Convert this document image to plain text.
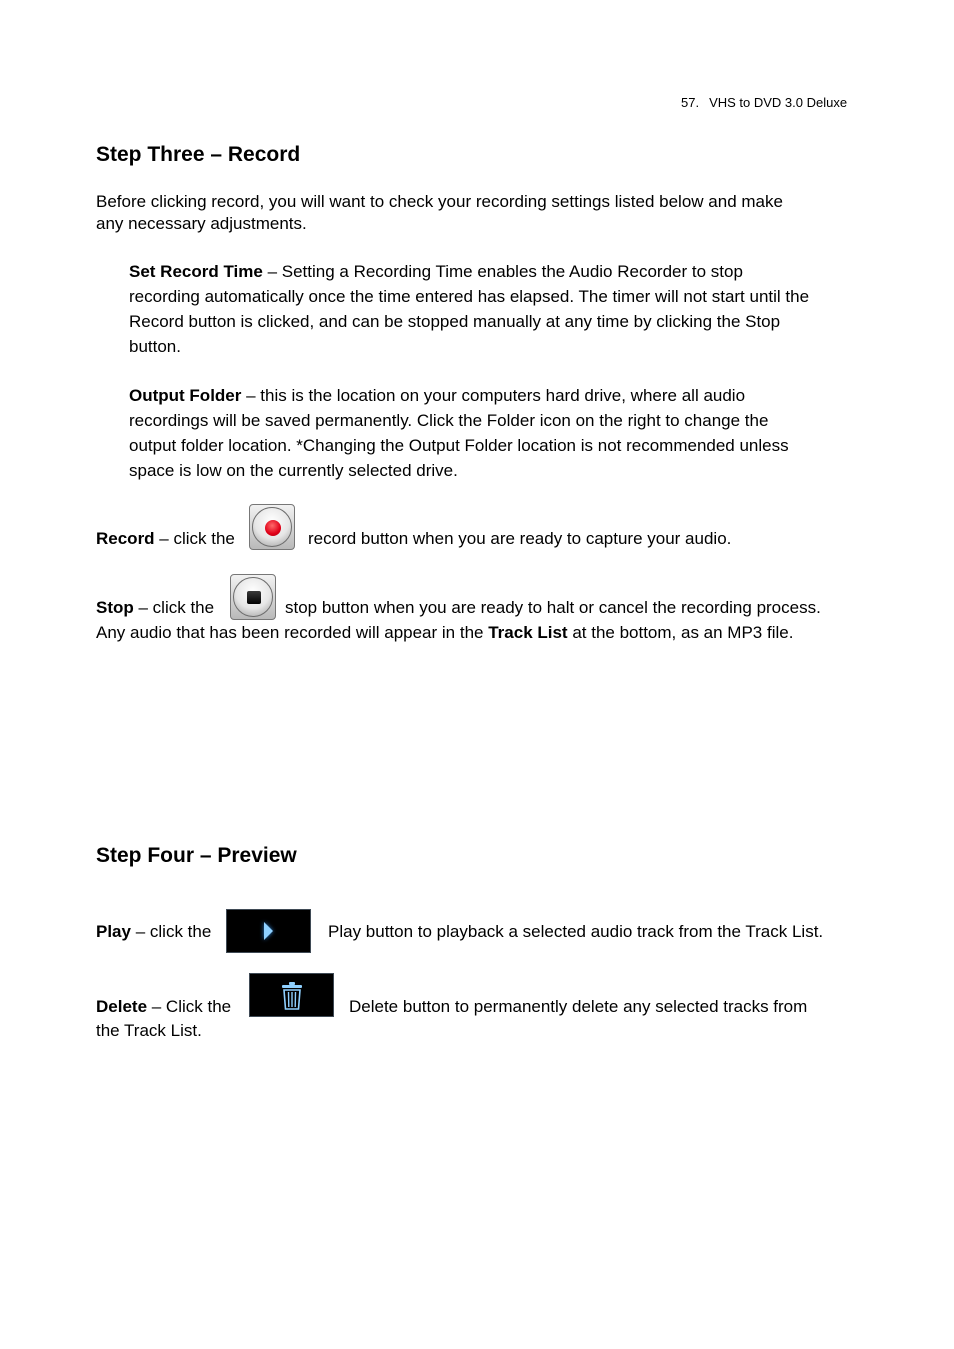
57. VHS to DVD 3.0 Deluxe
Step Three – Record
Before clicking record, you will want to check your recording settings listed below and make
any necessary adjustments.
Set Record Time – Setting a Recording Time enables the Audio Recorder to stop
recording automatically once the time entered has elapsed. The timer will not start until the
Record button is clicked, and can be stopped manually at any time by clicking the Stop
button.
Output Folder – this is the location on your computers hard drive, where all audio
recordings will be saved permanently. Click the Folder icon on the right to change the
output folder location. *Changing the Output Folder location is not recommended unless
space is low on the currently selected drive.
Record – click the	record button when you are ready to capture your audio.
Stop – click the	stop button when you are ready to halt or cancel the recording process.
Any audio that has been recorded will appear in the Track List at the bottom, as an MP3 file.
Step Four – Preview
Play – click the	Play button to playback a selected audio track from the Track List.
Delete – Click the	Delete button to permanently delete any selected tracks from
the Track List.
